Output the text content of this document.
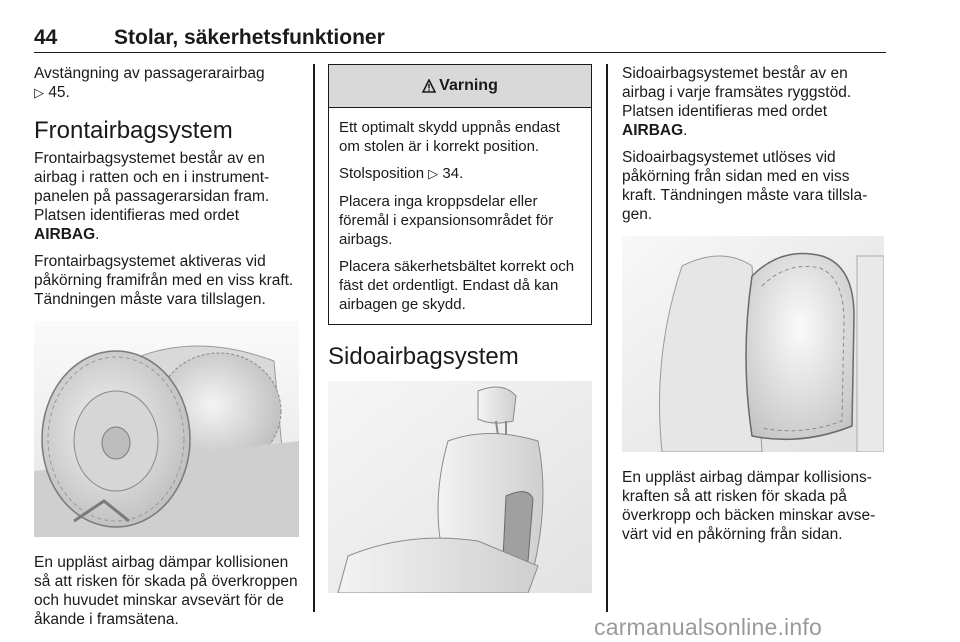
44	Stolar, säkerhetsfunktioner

Avstängning av passagerarairbag
▷ 45.

Frontairbagsystem

Frontairbagsystemet består av en airbag i ratten och en i instrumentpanelen på passagerarsidan fram. Platsen identifieras med ordet
AIRBAG.

Frontairbagsystemet aktiveras vid påkörning framifrån med en viss kraft. Tändningen måste vara tillslagen.

En uppläst airbag dämpar kollisionen så att risken för skada på överkroppen och huvudet minskar avsevärt för de åkande i framsätena.

Varning

Ett optimalt skydd uppnås endast om stolen är i korrekt position.

Stolsposition ▷ 34.

Placera inga kroppsdelar eller föremål i expansionsområdet för airbags.

Placera säkerhetsbältet korrekt och fäst det ordentligt. Endast då kan airbagen ge skydd.

Sidoairbagsystem

Sidoairbagsystemet består av en airbag i varje framsätes ryggstöd. Platsen identifieras med ordet
AIRBAG.

Sidoairbagsystemet utlöses vid påkörning från sidan med en viss kraft. Tändningen måste vara tillslagen.

En uppläst airbag dämpar kollisionskraften så att risken för skada på överkropp och bäcken minskar avsevärt vid en påkörning från sidan.

carmanualsonline.info
